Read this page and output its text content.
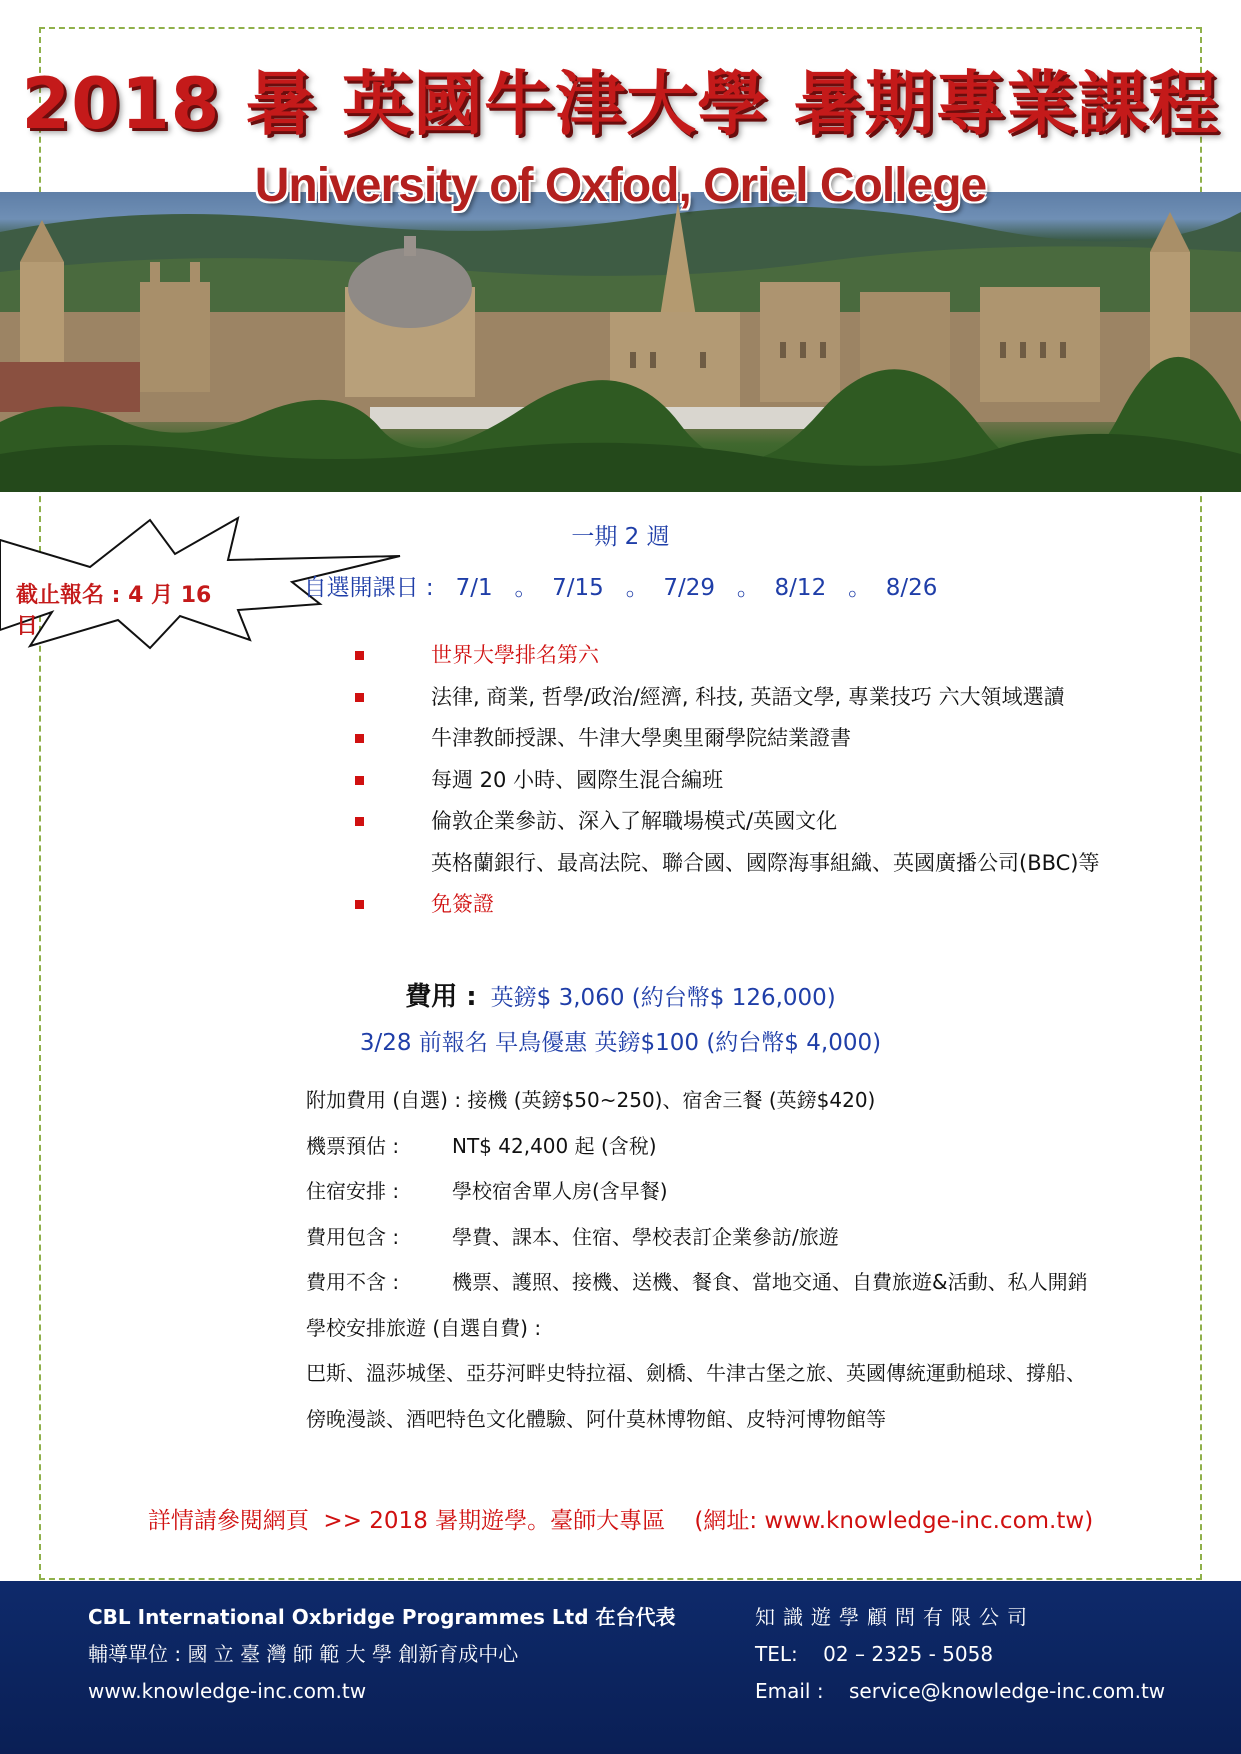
2018 暑 英國牛津大學 暑期專業課程
University of Oxfod, Oriel College
截止報名 : 4 月 16 日
一期 2 週
自選開課日 :   7/1   。  7/15   。  7/29   。  8/12   。  8/26
世界大學排名第六
法律, 商業, 哲學/政治/經濟, 科技, 英語文學, 專業技巧 六大領域選讀
牛津教師授課、牛津大學奧里爾學院結業證書
每週 20 小時、國際生混合編班
倫敦企業參訪、深入了解職場模式/英國文化
英格蘭銀行、最高法院、聯合國、國際海事組織、英國廣播公司(BBC)等
免簽證
費用 : 英鎊$ 3,060 (約台幣$ 126,000)
3/28 前報名 早鳥優惠 英鎊$100 (約台幣$ 4,000)
附加費用 (自選) : 接機 (英鎊$50~250)、宿舍三餐 (英鎊$420)
機票預估 :	NT$ 42,400 起 (含稅)
住宿安排 :	學校宿舍單人房(含早餐)
費用包含 :	學費、課本、住宿、學校表訂企業參訪/旅遊
費用不含 :	機票、護照、接機、送機、餐食、當地交通、自費旅遊&活動、私人開銷
學校安排旅遊 (自選自費) :
巴斯、溫莎城堡、亞芬河畔史特拉福、劍橋、牛津古堡之旅、英國傳統運動槌球、撐船、
傍晚漫談、酒吧特色文化體驗、阿什莫林博物館、皮特河博物館等
詳情請參閱網頁  >> 2018 暑期遊學。臺師大專區    (網址: www.knowledge-inc.com.tw)
CBL International Oxbridge Programmes Ltd 在台代表
輔導單位 : 國 立 臺 灣 師 範 大 學 創新育成中心
www.knowledge-inc.com.tw
知識遊學顧問有限公司
TEL:    02 – 2325 - 5058
Email :    service@knowledge-inc.com.tw
